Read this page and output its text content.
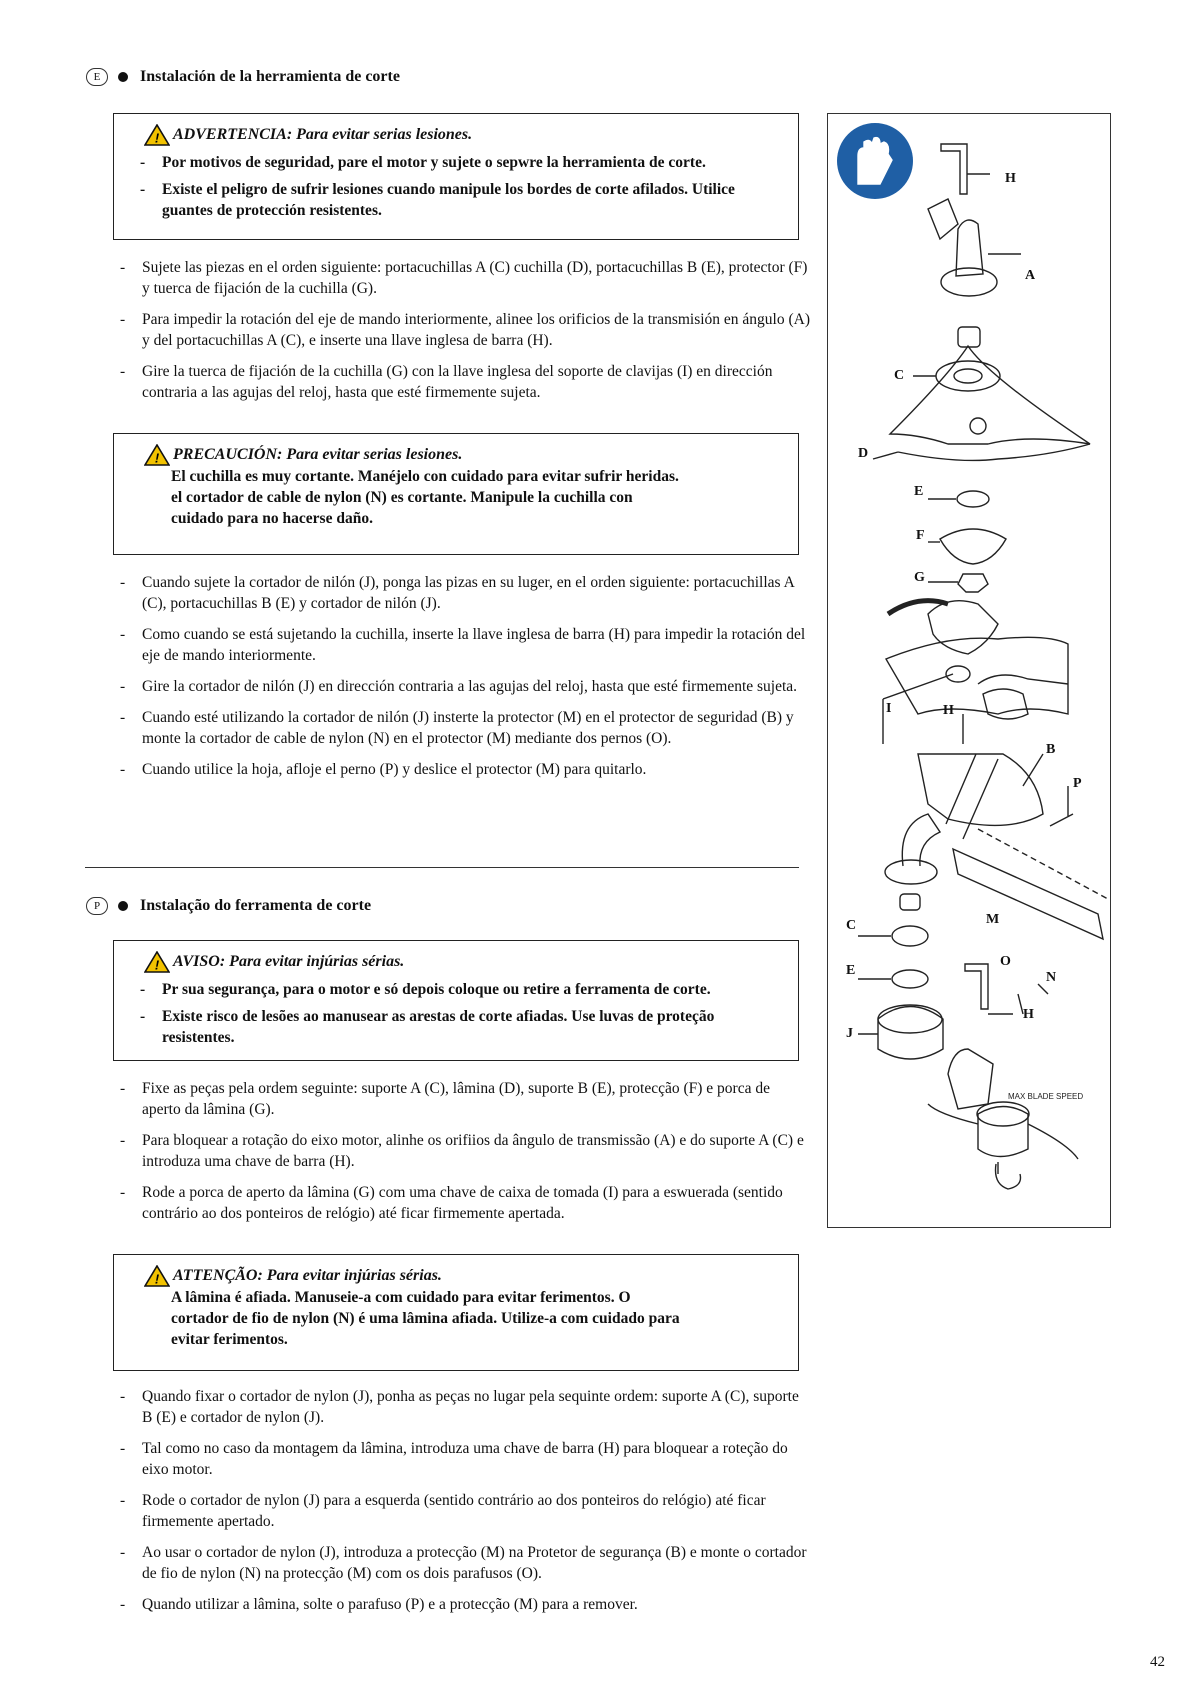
E	Instalación de la herramienta de corte
! ADVERTENCIA: Para evitar serias lesiones.
-	Por motivos de seguridad, pare el motor y sujete o sepwre la herramienta de corte.
-	Existe el peligro de sufrir lesiones cuando manipule los bordes de corte afilados. Utilice guantes de protección resistentes.
-	Sujete las piezas en el orden siguiente: portacuchillas A (C) cuchilla (D), portacuchillas B (E), protector (F) y tuerca de fijación de la cuchilla (G).
-	Para impedir la rotación del eje de mando interiormente, alinee los orificios de la transmisión en ángulo (A) y del portacuchillas A (C), e inserte una llave inglesa de barra (H).
-	Gire la tuerca de fijación de la cuchilla (G) con la llave inglesa del soporte de clavijas (I) en dirección contraria a las agujas del reloj, hasta que esté firmemente sujeta.
! PRECAUCIÓN: Para evitar serias lesiones.
El cuchilla es muy cortante. Manéjelo con cuidado para evitar sufrir heridas.
el cortador de cable de nylon (N) es cortante. Manipule la cuchilla con
cuidado para no hacerse daño.
-	Cuando sujete la cortador de nilón (J), ponga las pizas en su luger, en el orden siguiente: portacuchillas A (C), portacuchillas B (E) y cortador de nilón (J).
-	Como cuando se está sujetando la cuchilla, inserte la llave inglesa de barra (H) para impedir la rotación del eje de mando interiormente.
-	Gire la cortador de nilón (J) en dirección contraria a las agujas del reloj, hasta que esté firmemente sujeta.
-	Cuando esté utilizando la cortador de nilón (J) insterte la protector (M) en el protector de seguridad (B) y monte la cortador de cable de nylon (N) en el protector (M) mediante dos pernos (O).
-	Cuando utilice la hoja, afloje el perno (P) y deslice el protector (M) para quitarlo.
P	Instalação do ferramenta de corte
! AVISO: Para evitar injúrias sérias.
-	Pr sua segurança, para o motor e só depois coloque ou retire a ferramenta de corte.
-	Existe risco de lesões ao manusear as arestas de corte afiadas. Use luvas de proteção resistentes.
-	Fixe as peças pela ordem seguinte: suporte A (C), lâmina (D), suporte B (E), protecção (F) e porca de aperto da lâmina (G).
-	Para bloquear a rotação do eixo motor, alinhe os orifiios da ângulo de transmissão (A) e do suporte A (C) e introduza uma chave de barra (H).
-	Rode a porca de aperto da lâmina (G) com uma chave de caixa de tomada (I) para a eswuerada (sentido contrário ao dos ponteiros de relógio) até ficar firmemente apertada.
! ATTENÇÃO: Para evitar injúrias sérias.
A lâmina é afiada. Manuseie-a com cuidado para evitar ferimentos. O
cortador de fio de nylon (N) é uma lâmina afiada. Utilize-a com cuidado para
evitar ferimentos.
-	Quando fixar o cortador de nylon (J), ponha as peças no lugar pela sequinte ordem: suporte A (C), suporte B (E) e cortador de nylon (J).
-	Tal como no caso da montagem da lâmina, introduza uma chave de barra (H) para bloquear a roteção do eixo motor.
-	Rode o cortador de nylon (J) para a esquerda (sentido contrário ao dos ponteiros do relógio) até ficar firmemente apertado.
-	Ao usar o cortador de nylon (J), introduza a protecção (M) na Protetor de segurança (B) e monte o cortador de fio de nylon (N) na protecção (M) com os dois parafusos (O).
-	Quando utilizar a lâmina, solte o parafuso (P) e a protecção (M) para a remover.
MAX BLADE SPEED
H
A
C
D
E
F
G
I	H
B
P
M
C
E
O
N
J
H
42
